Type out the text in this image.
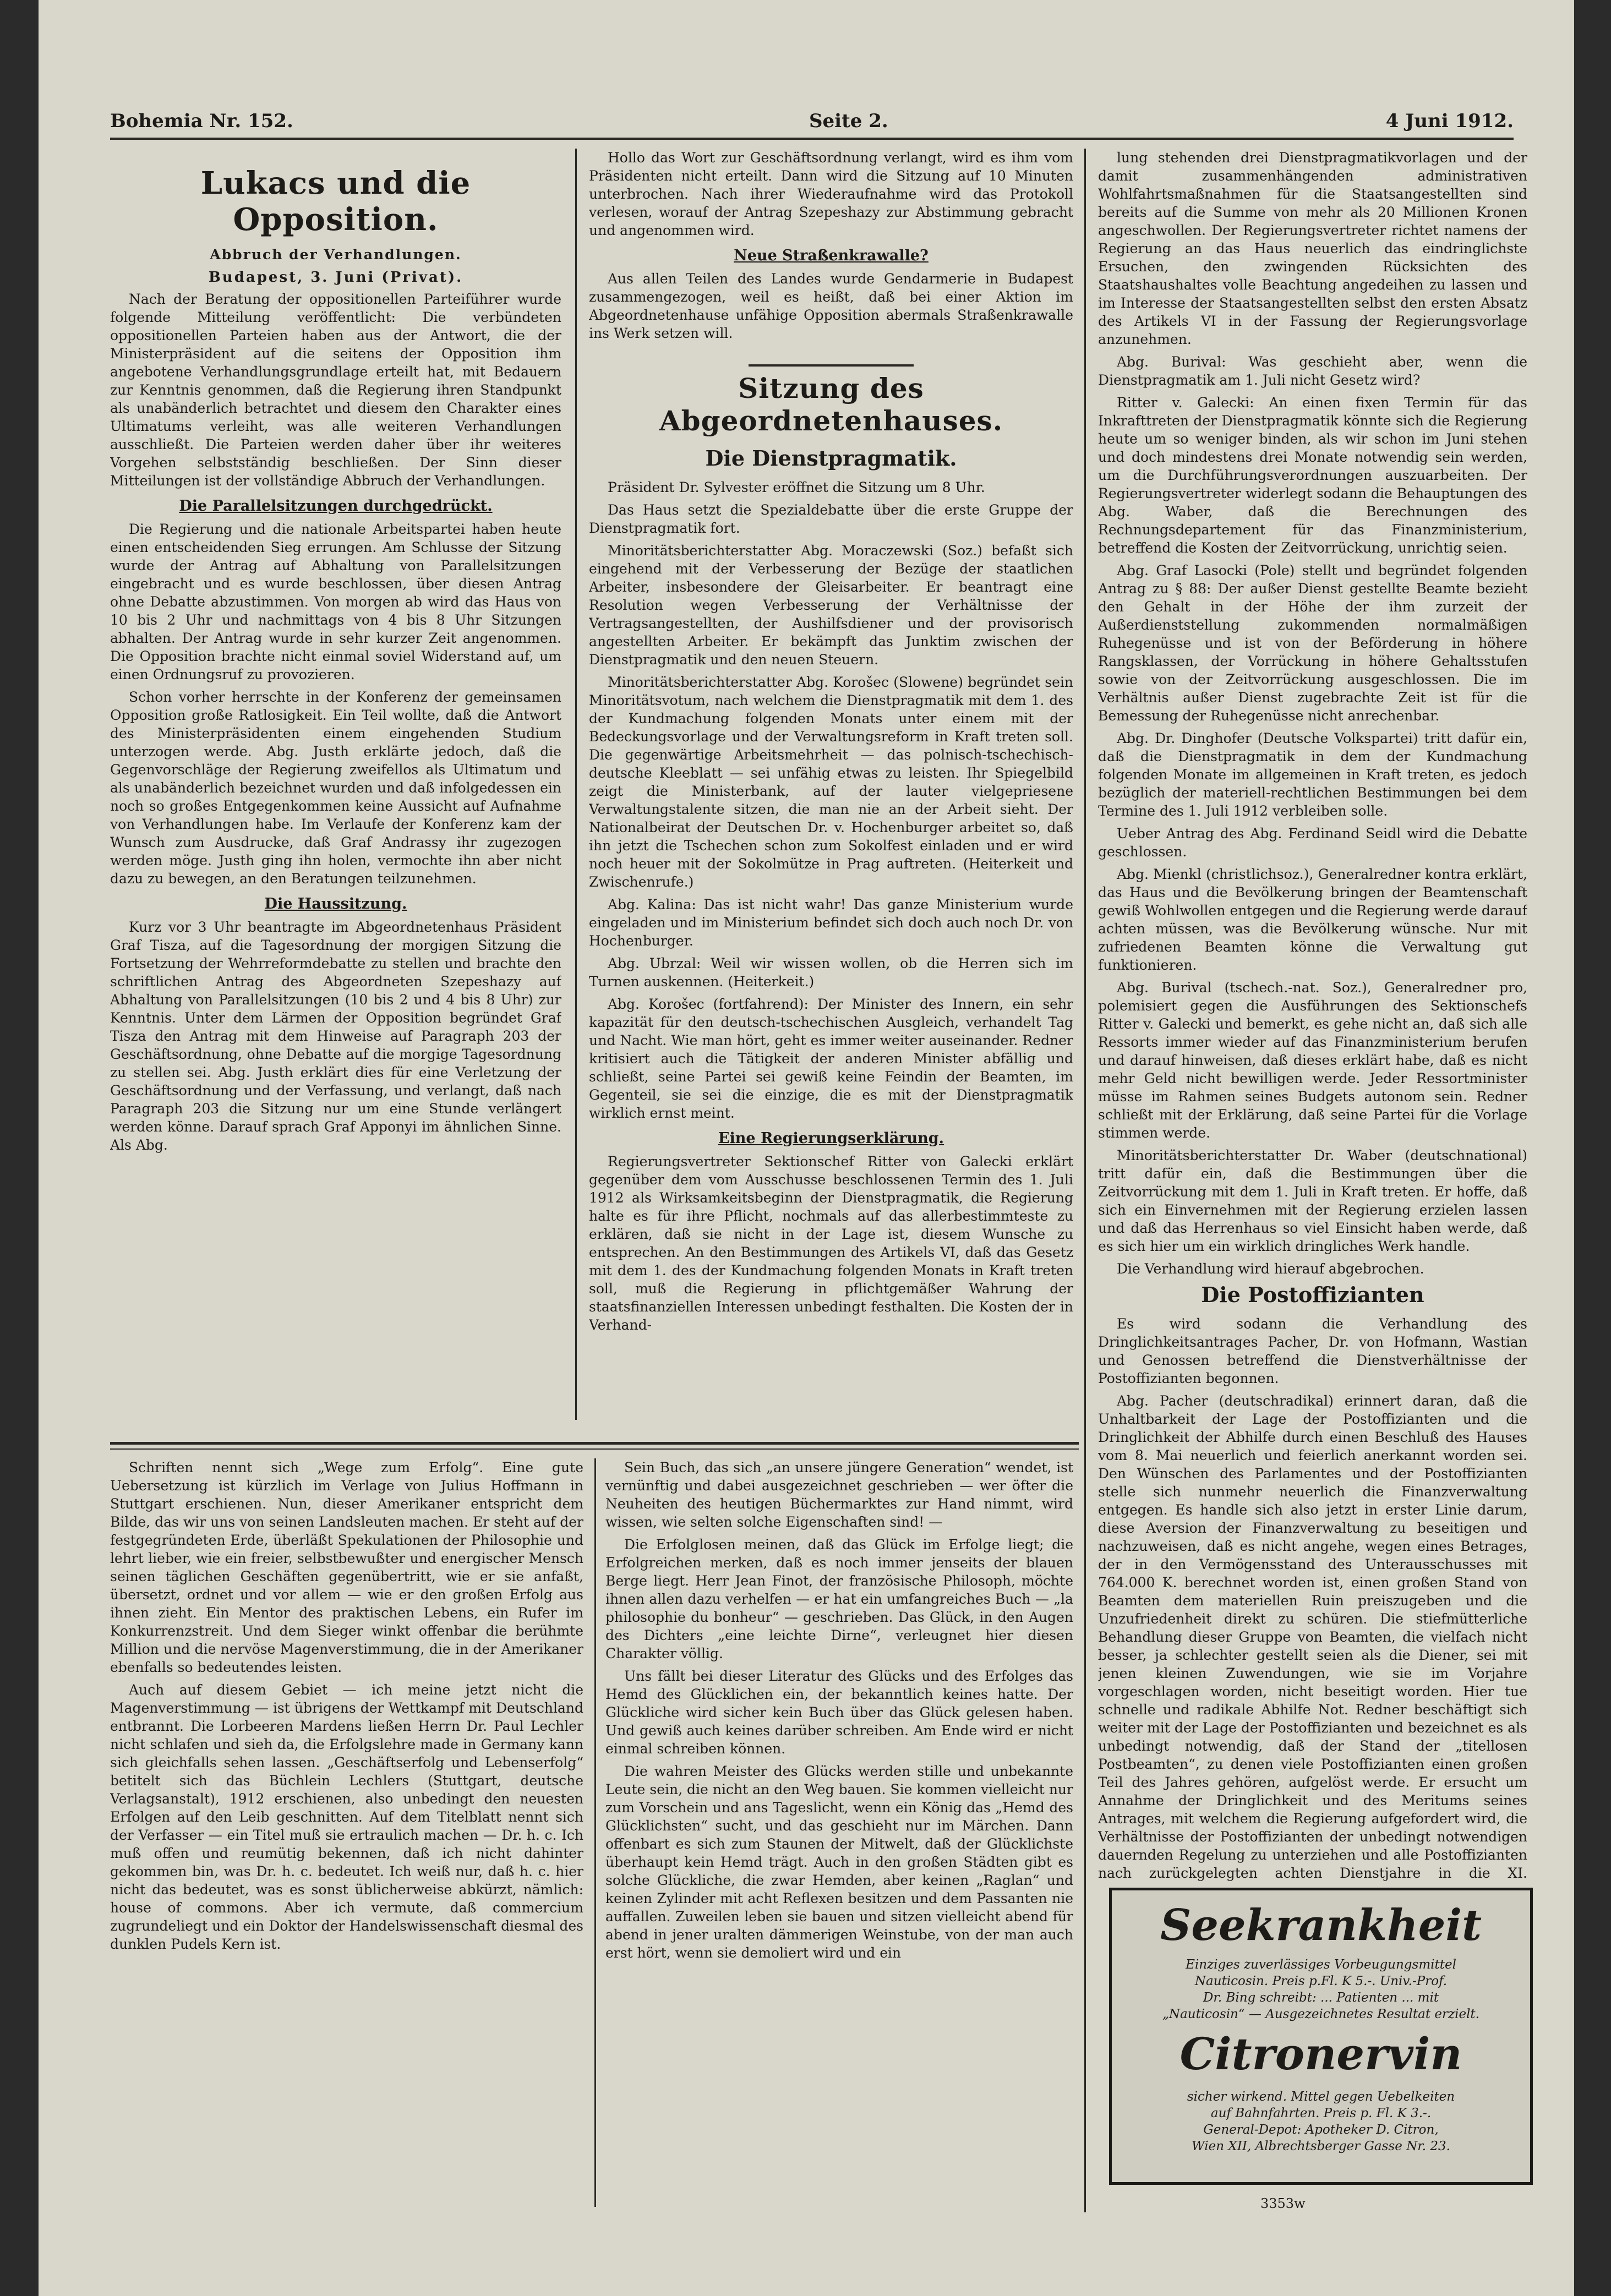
Bohemia Nr. 152.	Seite 2.	4 Juni 1912.
Lukacs und die Opposition.
Abbruch der Verhandlungen.
Budapest, 3. Juni (Privat).

Nach der Beratung der oppositionellen Parteiführer wurde folgende Mitteilung veröffentlicht: Die verbündeten oppositionellen Parteien haben aus der Antwort, die der Ministerpräsident auf die seitens der Opposition ihm angebotene Verhandlungsgrundlage erteilt hat, mit Bedauern zur Kenntnis genommen, daß die Regierung ihren Standpunkt als unabänderlich betrachtet und diesem den Charakter eines Ultimatums verleiht, was alle weiteren Verhandlungen ausschließt. Die Parteien werden daher über ihr weiteres Vorgehen selbstständig beschließen. Der Sinn dieser Mitteilungen ist der vollständige Abbruch der Verhandlungen.

Die Parallelsitzungen durchgedrückt.

Die Regierung und die nationale Arbeitspartei haben heute einen entscheidenden Sieg errungen. Am Schlusse der Sitzung wurde der Antrag auf Abhaltung von Parallelsitzungen eingebracht und es wurde beschlossen, über diesen Antrag ohne Debatte abzustimmen. Von morgen ab wird das Haus von 10 bis 2 Uhr und nachmittags von 4 bis 8 Uhr Sitzungen abhalten. Der Antrag wurde in sehr kurzer Zeit angenommen. Die Opposition brachte nicht einmal soviel Widerstand auf, um einen Ordnungsruf zu provozieren.

Schon vorher herrschte in der Konferenz der gemeinsamen Opposition große Ratlosigkeit. Ein Teil wollte, daß die Antwort des Ministerpräsidenten einem eingehenden Studium unterzogen werde. Abg. Justh erklärte jedoch, daß die Gegenvorschläge der Regierung zweifellos als Ultimatum und als unabänderlich bezeichnet wurden und daß infolgedessen ein noch so großes Entgegenkommen keine Aussicht auf Aufnahme von Verhandlungen habe. Im Verlaufe der Konferenz kam der Wunsch zum Ausdrucke, daß Graf Andrassy ihr zugezogen werden möge. Justh ging ihn holen, vermochte ihn aber nicht dazu zu bewegen, an den Beratungen teilzunehmen.

Die Haussitzung.

Kurz vor 3 Uhr beantragte im Abgeordnetenhaus Präsident Graf Tisza, auf die Tagesordnung der morgigen Sitzung die Fortsetzung der Wehrreformdebatte zu stellen und brachte den schriftlichen Antrag des Abgeordneten Szepeshazy auf Abhaltung von Parallelsitzungen (10 bis 2 und 4 bis 8 Uhr) zur Kenntnis. Unter dem Lärmen der Opposition begründet Graf Tisza den Antrag mit dem Hinweise auf Paragraph 203 der Geschäftsordnung, ohne Debatte auf die morgige Tagesordnung zu stellen sei. Abg. Justh erklärt dies für eine Verletzung der Geschäftsordnung und der Verfassung, und verlangt, daß nach Paragraph 203 die Sitzung nur um eine Stunde verlängert werden könne. Darauf sprach Graf Apponyi im ähnlichen Sinne. Als Abg.

Hollo das Wort zur Geschäftsordnung verlangt, wird es ihm vom Präsidenten nicht erteilt. Dann wird die Sitzung auf 10 Minuten unterbrochen. Nach ihrer Wiederaufnahme wird das Protokoll verlesen, worauf der Antrag Szepeshazy zur Abstimmung gebracht und angenommen wird.

Neue Straßenkrawalle?

Aus allen Teilen des Landes wurde Gendarmerie in Budapest zusammengezogen, weil es heißt, daß bei einer Aktion im Abgeordnetenhause unfähige Opposition abermals Straßenkrawalle ins Werk setzen will.

Sitzung des Abgeordnetenhauses.
Die Dienstpragmatik.

Präsident Dr. Sylvester eröffnet die Sitzung um 8 Uhr.

Das Haus setzt die Spezialdebatte über die erste Gruppe der Dienstpragmatik fort.

Minoritätsberichterstatter Abg. Moraczewski (Soz.) befaßt sich eingehend mit der Verbesserung der Bezüge der staatlichen Arbeiter, insbesondere der Gleisarbeiter. Er beantragt eine Resolution wegen Verbesserung der Verhältnisse der Vertragsangestellten, der Aushilfsdiener und der provisorisch angestellten Arbeiter. Er bekämpft das Junktim zwischen der Dienstpragmatik und den neuen Steuern.

Minoritätsberichterstatter Abg. Korošec (Slowene) begründet sein Minoritätsvotum, nach welchem die Dienstpragmatik mit dem 1. des der Kundmachung folgenden Monats unter einem mit der Bedeckungsvorlage und der Verwaltungsreform in Kraft treten soll. Die gegenwärtige Arbeitsmehrheit — das polnisch-tschechisch-deutsche Kleeblatt — sei unfähig etwas zu leisten. Ihr Spiegelbild zeigt die Ministerbank, auf der lauter vielgepriesene Verwaltungstalente sitzen, die man nie an der Arbeit sieht. Der Nationalbeirat der Deutschen Dr. v. Hochenburger arbeitet so, daß ihn jetzt die Tschechen schon zum Sokolfest einladen und er wird noch heuer mit der Sokolmütze in Prag auftreten. (Heiterkeit und Zwischenrufe.)

Abg. Kalina: Das ist nicht wahr! Das ganze Ministerium wurde eingeladen und im Ministerium befindet sich doch auch noch Dr. von Hochenburger.

Abg. Ubrzal: Weil wir wissen wollen, ob die Herren sich im Turnen auskennen. (Heiterkeit.)

Abg. Korošec (fortfahrend): Der Minister des Innern, ein sehr kapazität für den deutsch-tschechischen Ausgleich, verhandelt Tag und Nacht. Wie man hört, geht es immer weiter auseinander. Redner kritisiert auch die Tätigkeit der anderen Minister abfällig und schließt, seine Partei sei gewiß keine Feindin der Beamten, im Gegenteil, sie sei die einzige, die es mit der Dienstpragmatik wirklich ernst meint.

Eine Regierungserklärung.

Regierungsvertreter Sektionschef Ritter von Galecki erklärt gegenüber dem vom Ausschusse beschlossenen Termin des 1. Juli 1912 als Wirksamkeitsbeginn der Dienstpragmatik, die Regierung halte es für ihre Pflicht, nochmals auf das allerbestimmteste zu erklären, daß sie nicht in der Lage ist, diesem Wunsche zu entsprechen. An den Bestimmungen des Artikels VI, daß das Gesetz mit dem 1. des der Kundmachung folgenden Monats in Kraft treten soll, muß die Regierung in pflichtgemäßer Wahrung der staatsfinanziellen Interessen unbedingt festhalten. Die Kosten der in Verhand-

lung stehenden drei Dienstpragmatikvorlagen und der damit zusammenhängenden administrativen Wohlfahrtsmaßnahmen für die Staatsangestellten sind bereits auf die Summe von mehr als 20 Millionen Kronen angeschwollen. Der Regierungsvertreter richtet namens der Regierung an das Haus neuerlich das eindringlichste Ersuchen, den zwingenden Rücksichten des Staatshaushaltes volle Beachtung angedeihen zu lassen und im Interesse der Staatsangestellten selbst den ersten Absatz des Artikels VI in der Fassung der Regierungsvorlage anzunehmen.

Abg. Burival: Was geschieht aber, wenn die Dienstpragmatik am 1. Juli nicht Gesetz wird?

Ritter v. Galecki: An einen fixen Termin für das Inkrafttreten der Dienstpragmatik könnte sich die Regierung heute um so weniger binden, als wir schon im Juni stehen und doch mindestens drei Monate notwendig sein werden, um die Durchführungsverordnungen auszuarbeiten. Der Regierungsvertreter widerlegt sodann die Behauptungen des Abg. Waber, daß die Berechnungen des Rechnungsdepartement für das Finanzministerium, betreffend die Kosten der Zeitvorrückung, unrichtig seien.

Abg. Graf Lasocki (Pole) stellt und begründet folgenden Antrag zu § 88: Der außer Dienst gestellte Beamte bezieht den Gehalt in der Höhe der ihm zurzeit der Außerdienststellung zukommenden normalmäßigen Ruhegenüsse und ist von der Beförderung in höhere Rangsklassen, der Vorrückung in höhere Gehaltsstufen sowie von der Zeitvorrückung ausgeschlossen. Die im Verhältnis außer Dienst zugebrachte Zeit ist für die Bemessung der Ruhegenüsse nicht anrechenbar.

Abg. Dr. Dinghofer (Deutsche Volkspartei) tritt dafür ein, daß die Dienstpragmatik in dem der Kundmachung folgenden Monate im allgemeinen in Kraft treten, es jedoch bezüglich der materiell-rechtlichen Bestimmungen bei dem Termine des 1. Juli 1912 verbleiben solle.

Ueber Antrag des Abg. Ferdinand Seidl wird die Debatte geschlossen.

Abg. Mienkl (christlichsoz.), Generalredner kontra erklärt, das Haus und die Bevölkerung bringen der Beamtenschaft gewiß Wohlwollen entgegen und die Regierung werde darauf achten müssen, was die Bevölkerung wünsche. Nur mit zufriedenen Beamten könne die Verwaltung gut funktionieren.

Abg. Burival (tschech.-nat. Soz.), Generalredner pro, polemisiert gegen die Ausführungen des Sektionschefs Ritter v. Galecki und bemerkt, es gehe nicht an, daß sich alle Ressorts immer wieder auf das Finanzministerium berufen und darauf hinweisen, daß dieses erklärt habe, daß es nicht mehr Geld nicht bewilligen werde. Jeder Ressortminister müsse im Rahmen seines Budgets autonom sein. Redner schließt mit der Erklärung, daß seine Partei für die Vorlage stimmen werde.

Minoritätsberichterstatter Dr. Waber (deutschnational) tritt dafür ein, daß die Bestimmungen über die Zeitvorrückung mit dem 1. Juli in Kraft treten. Er hoffe, daß sich ein Einvernehmen mit der Regierung erzielen lassen und daß das Herrenhaus so viel Einsicht haben werde, daß es sich hier um ein wirklich dringliches Werk handle.

Die Verhandlung wird hierauf abgebrochen.

Die Postoffizianten

Es wird sodann die Verhandlung des Dringlichkeitsantrages Pacher, Dr. von Hofmann, Wastian und Genossen betreffend die Dienstverhältnisse der Postoffizianten begonnen.

Abg. Pacher (deutschradikal) erinnert daran, daß die Unhaltbarkeit der Lage der Postoffizianten und die Dringlichkeit der Abhilfe durch einen Beschluß des Hauses vom 8. Mai neuerlich und feierlich anerkannt worden sei. Den Wünschen des Parlamentes und der Postoffizianten stelle sich nunmehr neuerlich die Finanzverwaltung entgegen. Es handle sich also jetzt in erster Linie darum, diese Aversion der Finanzverwaltung zu beseitigen und nachzuweisen, daß es nicht angehe, wegen eines Betrages, der in den Vermögensstand des Unterausschusses mit 764.000 K. berechnet worden ist, einen großen Stand von Beamten dem materiellen Ruin preiszugeben und die Unzufriedenheit direkt zu schüren. Die stiefmütterliche Behandlung dieser Gruppe von Beamten, die vielfach nicht besser, ja schlechter gestellt seien als die Diener, sei mit jenen kleinen Zuwendungen, wie sie im Vorjahre vorgeschlagen worden, nicht beseitigt worden. Hier tue schnelle und radikale Abhilfe Not. Redner beschäftigt sich weiter mit der Lage der Postoffizianten und bezeichnet es als unbedingt notwendig, daß der Stand der „titellosen Postbeamten“, zu denen viele Postoffizianten einen großen Teil des Jahres gehören, aufgelöst werde. Er ersucht um Annahme der Dringlichkeit und des Meritums seines Antrages, mit welchem die Regierung aufgefordert wird, die Verhältnisse der Postoffizianten der unbedingt notwendigen dauernden Regelung zu unterziehen und alle Postoffizianten nach zurückgelegten achten Dienstjahre in die XI.

Schriften nennt sich „Wege zum Erfolg“. Eine gute Uebersetzung ist kürzlich im Verlage von Julius Hoffmann in Stuttgart erschienen. Nun, dieser Amerikaner entspricht dem Bilde, das wir uns von seinen Landsleuten machen. Er steht auf der festgegründeten Erde, überläßt Spekulationen der Philosophie und lehrt lieber, wie ein freier, selbstbewußter und energischer Mensch seinen täglichen Geschäften gegenübertritt, wie er sie anfaßt, übersetzt, ordnet und vor allem — wie er den großen Erfolg aus ihnen zieht. Ein Mentor des praktischen Lebens, ein Rufer im Konkurrenzstreit. Und dem Sieger winkt offenbar die berühmte Million und die nervöse Magenverstimmung, die in der Amerikaner ebenfalls so bedeutendes leisten.

Auch auf diesem Gebiet — ich meine jetzt nicht die Magenverstimmung — ist übrigens der Wettkampf mit Deutschland entbrannt. Die Lorbeeren Mardens ließen Herrn Dr. Paul Lechler nicht schlafen und sieh da, die Erfolgslehre made in Germany kann sich gleichfalls sehen lassen. „Geschäftserfolg und Lebenserfolg“ betitelt sich das Büchlein Lechlers (Stuttgart, deutsche Verlagsanstalt), 1912 erschienen, also unbedingt den neuesten Erfolgen auf den Leib geschnitten. Auf dem Titelblatt nennt sich der Verfasser — ein Titel muß sie ertraulich machen — Dr. h. c. Ich muß offen und reumütig bekennen, daß ich nicht dahinter gekommen bin, was Dr. h. c. bedeutet. Ich weiß nur, daß h. c. hier nicht das bedeutet, was es sonst üblicherweise abkürzt, nämlich: house of commons. Aber ich vermute, daß commercium zugrundeliegt und ein Doktor der Handelswissenschaft diesmal des dunklen Pudels Kern ist.

Sein Buch, das sich „an unsere jüngere Generation“ wendet, ist vernünftig und dabei ausgezeichnet geschrieben — wer öfter die Neuheiten des heutigen Büchermarktes zur Hand nimmt, wird wissen, wie selten solche Eigenschaften sind! —

Die Erfolglosen meinen, daß das Glück im Erfolge liegt; die Erfolgreichen merken, daß es noch immer jenseits der blauen Berge liegt. Herr Jean Finot, der französische Philosoph, möchte ihnen allen dazu verhelfen — er hat ein umfangreiches Buch — „la philosophie du bonheur“ — geschrieben. Das Glück, in den Augen des Dichters „eine leichte Dirne“, verleugnet hier diesen Charakter völlig.

Uns fällt bei dieser Literatur des Glücks und des Erfolges das Hemd des Glücklichen ein, der bekanntlich keines hatte. Der Glückliche wird sicher kein Buch über das Glück gelesen haben. Und gewiß auch keines darüber schreiben. Am Ende wird er nicht einmal schreiben können.

Die wahren Meister des Glücks werden stille und unbekannte Leute sein, die nicht an den Weg bauen. Sie kommen vielleicht nur zum Vorschein und ans Tageslicht, wenn ein König das „Hemd des Glücklichsten“ sucht, und das geschieht nur im Märchen. Dann offenbart es sich zum Staunen der Mitwelt, daß der Glücklichste überhaupt kein Hemd trägt. Auch in den großen Städten gibt es solche Glückliche, die zwar Hemden, aber keinen „Raglan“ und keinen Zylinder mit acht Reflexen besitzen und dem Passanten nie auffallen. Zuweilen leben sie bauen und sitzen vielleicht abend für abend in jener uralten dämmerigen Weinstube, von der man auch erst hört, wenn sie demoliert wird und ein

Seekrankheit
Einziges zuverlässiges Vorbeugungsmittel
Nauticosin. Preis p.Fl. K 5.-. Univ.-Prof.
Dr. Bing schreibt: ... Patienten ... mit
„Nauticosin“ — Ausgezeichnetes Resultat erzielt.
Citronervin
sicher wirkend. Mittel gegen Uebelkeiten
auf Bahnfahrten. Preis p. Fl. K 3.-.
General-Depot: Apotheker D. Citron,
Wien XII, Albrechtsberger Gasse Nr. 23.
3353w
